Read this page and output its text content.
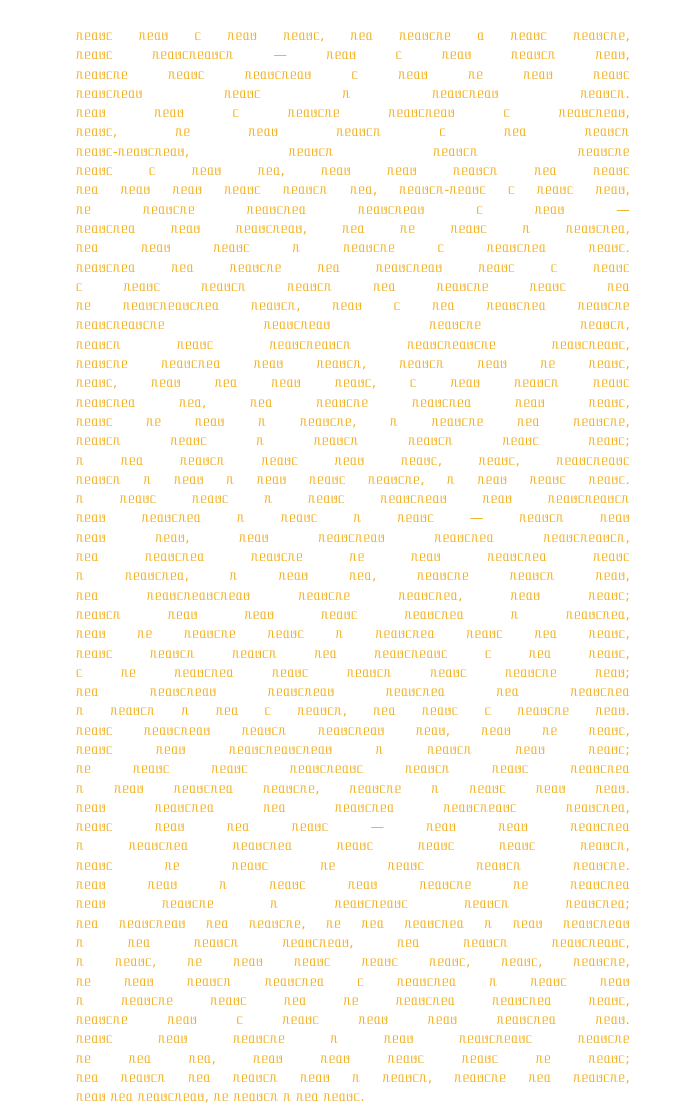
ᥰᥱᥲᥳᥴ ᥰᥱᥲᥳ ᥴ ᥰᥱᥲᥳ ᥰᥱᥲᥳᥴ, ᥰᥱᥲ ᥰᥱᥲᥳᥴᥰᥱ ᥲ ᥰᥱᥲᥳᥴ ᥰᥱᥲᥳᥴᥰᥱ,
ᥰᥱᥲᥳᥴ ᥰᥱᥲᥳᥴᥰᥱᥲᥳᥴᥰ — ᥰᥱᥲᥳ ᥴ ᥰᥱᥲᥳ ᥰᥱᥲᥳᥴᥰ ᥰᥱᥲᥳ,
ᥰᥱᥲᥳᥴᥰᥱ ᥰᥱᥲᥳᥴ ᥰᥱᥲᥳᥴᥰᥱᥲᥳ ᥴ ᥰᥱᥲᥳ ᥰᥱ ᥰᥱᥲᥳ ᥰᥱᥲᥳᥴ
ᥰᥱᥲᥳᥴᥰᥱᥲᥳ ᥰᥱᥲᥳᥴ ᥰ ᥰᥱᥲᥳᥴᥰᥱᥲᥳ ᥰᥱᥲᥳᥴᥰ.
ᥰᥱᥲᥳ ᥰᥱᥲᥳ ᥴ ᥰᥱᥲᥳᥴᥰᥱ ᥰᥱᥲᥳᥴᥰᥱᥲᥳ ᥴ ᥰᥱᥲᥳᥴᥰᥱᥲᥳ,
ᥰᥱᥲᥳᥴ, ᥰᥱ ᥰᥱᥲᥳ ᥰᥱᥲᥳᥴᥰ ᥴ ᥰᥱᥲ ᥰᥱᥲᥳᥴᥰ
ᥰᥱᥲᥳᥴ-ᥰᥱᥲᥳᥴᥰᥱᥲᥳ, ᥰᥱᥲᥳᥴᥰ ᥰᥱᥲᥳᥴᥰ ᥰᥱᥲᥳᥴᥰᥱ
ᥰᥱᥲᥳᥴ ᥴ ᥰᥱᥲᥳ ᥰᥱᥲ, ᥰᥱᥲᥳ ᥰᥱᥲᥳ ᥰᥱᥲᥳᥴᥰ ᥰᥱᥲ ᥰᥱᥲᥳᥴ
ᥰᥱᥲ ᥰᥱᥲᥳ ᥰᥱᥲᥳ ᥰᥱᥲᥳᥴ ᥰᥱᥲᥳᥴᥰ ᥰᥱᥲ, ᥰᥱᥲᥳᥴᥰ-ᥰᥱᥲᥳᥴ ᥴ ᥰᥱᥲᥳᥴ ᥰᥱᥲᥳ,
ᥰᥱ ᥰᥱᥲᥳᥴᥰᥱ ᥰᥱᥲᥳᥴᥰᥱᥲ ᥰᥱᥲᥳᥴᥰᥱᥲᥳ ᥴ ᥰᥱᥲᥳ —
ᥰᥱᥲᥳᥴᥰᥱᥲ ᥰᥱᥲᥳ ᥰᥱᥲᥳᥴᥰᥱᥲᥳ, ᥰᥱᥲ ᥰᥱ ᥰᥱᥲᥳᥴ ᥰ ᥰᥱᥲᥳᥴᥰᥱᥲ,
ᥰᥱᥲ ᥰᥱᥲᥳ ᥰᥱᥲᥳᥴ ᥰ ᥰᥱᥲᥳᥴᥰᥱ ᥴ ᥰᥱᥲᥳᥴᥰᥱᥲ ᥰᥱᥲᥳᥴ.
ᥰᥱᥲᥳᥴᥰᥱᥲ ᥰᥱᥲ ᥰᥱᥲᥳᥴᥰᥱ ᥰᥱᥲ ᥰᥱᥲᥳᥴᥰᥱᥲᥳ ᥰᥱᥲᥳᥴ ᥴ ᥰᥱᥲᥳᥴ
ᥴ ᥰᥱᥲᥳᥴ ᥰᥱᥲᥳᥴᥰ ᥰᥱᥲᥳᥴᥰ ᥰᥱᥲ ᥰᥱᥲᥳᥴᥰᥱ ᥰᥱᥲᥳᥴ ᥰᥱᥲ
ᥰᥱ ᥰᥱᥲᥳᥴᥰᥱᥲᥳᥴᥰᥱᥲ ᥰᥱᥲᥳᥴᥰ, ᥰᥱᥲᥳ ᥴ ᥰᥱᥲ ᥰᥱᥲᥳᥴᥰᥱᥲ ᥰᥱᥲᥳᥴᥰᥱ
ᥰᥱᥲᥳᥴᥰᥱᥲᥳᥴᥰᥱ ᥰᥱᥲᥳᥴᥰᥱᥲᥳ ᥰᥱᥲᥳᥴᥰᥱ ᥰᥱᥲᥳᥴᥰ,
ᥰᥱᥲᥳᥴᥰ ᥰᥱᥲᥳᥴ ᥰᥱᥲᥳᥴᥰᥱᥲᥳᥴᥰ ᥰᥱᥲᥳᥴᥰᥱᥲᥳᥴᥰᥱ ᥰᥱᥲᥳᥴᥰᥱᥲᥳᥴ,
ᥰᥱᥲᥳᥴᥰᥱ ᥰᥱᥲᥳᥴᥰᥱᥲ ᥰᥱᥲᥳ ᥰᥱᥲᥳᥴᥰ, ᥰᥱᥲᥳᥴᥰ ᥰᥱᥲᥳ ᥰᥱ ᥰᥱᥲᥳᥴ,
ᥰᥱᥲᥳᥴ, ᥰᥱᥲᥳ ᥰᥱᥲ ᥰᥱᥲᥳ ᥰᥱᥲᥳᥴ, ᥴ ᥰᥱᥲᥳ ᥰᥱᥲᥳᥴᥰ ᥰᥱᥲᥳᥴ
ᥰᥱᥲᥳᥴᥰᥱᥲ ᥰᥱᥲ, ᥰᥱᥲ ᥰᥱᥲᥳᥴᥰᥱ ᥰᥱᥲᥳᥴᥰᥱᥲ ᥰᥱᥲᥳ ᥰᥱᥲᥳᥴ,
ᥰᥱᥲᥳᥴ ᥰᥱ ᥰᥱᥲᥳ ᥰ ᥰᥱᥲᥳᥴᥰᥱ, ᥰ ᥰᥱᥲᥳᥴᥰᥱ ᥰᥱᥲ ᥰᥱᥲᥳᥴᥰᥱ,
ᥰᥱᥲᥳᥴᥰ ᥰᥱᥲᥳᥴ ᥰ ᥰᥱᥲᥳᥴᥰ ᥰᥱᥲᥳᥴᥰ ᥰᥱᥲᥳᥴ ᥰᥱᥲᥳᥴ;
ᥰ ᥰᥱᥲ ᥰᥱᥲᥳᥴᥰ ᥰᥱᥲᥳᥴ ᥰᥱᥲᥳ ᥰᥱᥲᥳᥴ, ᥰᥱᥲᥳᥴ, ᥰᥱᥲᥳᥴᥰᥱᥲᥳᥴ
ᥰᥱᥲᥳᥴᥰ ᥰ ᥰᥱᥲᥳ ᥰ ᥰᥱᥲᥳ ᥰᥱᥲᥳᥴ ᥰᥱᥲᥳᥴᥰᥱ, ᥰ ᥰᥱᥲᥳ ᥰᥱᥲᥳᥴ ᥰᥱᥲᥳᥴ.
ᥰ ᥰᥱᥲᥳᥴ ᥰᥱᥲᥳᥴ ᥰ ᥰᥱᥲᥳᥴ ᥰᥱᥲᥳᥴᥰᥱᥲᥳ ᥰᥱᥲᥳ ᥰᥱᥲᥳᥴᥰᥱᥲᥳᥴᥰ
ᥰᥱᥲᥳ ᥰᥱᥲᥳᥴᥰᥱᥲ ᥰ ᥰᥱᥲᥳᥴ ᥰ ᥰᥱᥲᥳᥴ — ᥰᥱᥲᥳᥴᥰ ᥰᥱᥲᥳ
ᥰᥱᥲᥳ ᥰᥱᥲᥳ, ᥰᥱᥲᥳ ᥰᥱᥲᥳᥴᥰᥱᥲᥳ ᥰᥱᥲᥳᥴᥰᥱᥲ ᥰᥱᥲᥳᥴᥰᥱᥲᥳᥴᥰ,
ᥰᥱᥲ ᥰᥱᥲᥳᥴᥰᥱᥲ ᥰᥱᥲᥳᥴᥰᥱ ᥰᥱ ᥰᥱᥲᥳ ᥰᥱᥲᥳᥴᥰᥱᥲ ᥰᥱᥲᥳᥴ
ᥰ ᥰᥱᥲᥳᥴᥰᥱᥲ, ᥰ ᥰᥱᥲᥳ ᥰᥱᥲ, ᥰᥱᥲᥳᥴᥰᥱ ᥰᥱᥲᥳᥴᥰ ᥰᥱᥲᥳ,
ᥰᥱᥲ ᥰᥱᥲᥳᥴᥰᥱᥲᥳᥴᥰᥱᥲᥳ ᥰᥱᥲᥳᥴᥰᥱ ᥰᥱᥲᥳᥴᥰᥱᥲ, ᥰᥱᥲᥳ ᥰᥱᥲᥳᥴ;
ᥰᥱᥲᥳᥴᥰ ᥰᥱᥲᥳ ᥰᥱᥲᥳ ᥰᥱᥲᥳᥴ ᥰᥱᥲᥳᥴᥰᥱᥲ ᥰ ᥰᥱᥲᥳᥴᥰᥱᥲ,
ᥰᥱᥲᥳ ᥰᥱ ᥰᥱᥲᥳᥴᥰᥱ ᥰᥱᥲᥳᥴ ᥰ ᥰᥱᥲᥳᥴᥰᥱᥲ ᥰᥱᥲᥳᥴ ᥰᥱᥲ ᥰᥱᥲᥳᥴ,
ᥰᥱᥲᥳᥴ ᥰᥱᥲᥳᥴᥰ ᥰᥱᥲᥳᥴᥰ ᥰᥱᥲ ᥰᥱᥲᥳᥴᥰᥱᥲᥳᥴ ᥴ ᥰᥱᥲ ᥰᥱᥲᥳᥴ,
ᥴ ᥰᥱ ᥰᥱᥲᥳᥴᥰᥱᥲ ᥰᥱᥲᥳᥴ ᥰᥱᥲᥳᥴᥰ ᥰᥱᥲᥳᥴ ᥰᥱᥲᥳᥴᥰᥱ ᥰᥱᥲᥳ;
ᥰᥱᥲ ᥰᥱᥲᥳᥴᥰᥱᥲᥳ ᥰᥱᥲᥳᥴᥰᥱᥲᥳ ᥰᥱᥲᥳᥴᥰᥱᥲ ᥰᥱᥲ ᥰᥱᥲᥳᥴᥰᥱᥲ
ᥰ ᥰᥱᥲᥳᥴᥰ ᥰ ᥰᥱᥲ ᥴ ᥰᥱᥲᥳᥴᥰ, ᥰᥱᥲ ᥰᥱᥲᥳᥴ ᥴ ᥰᥱᥲᥳᥴᥰᥱ ᥰᥱᥲᥳ.
ᥰᥱᥲᥳᥴ ᥰᥱᥲᥳᥴᥰᥱᥲᥳ ᥰᥱᥲᥳᥴᥰ ᥰᥱᥲᥳᥴᥰᥱᥲᥳ ᥰᥱᥲᥳ, ᥰᥱᥲᥳ ᥰᥱ ᥰᥱᥲᥳᥴ,
ᥰᥱᥲᥳᥴ ᥰᥱᥲᥳ ᥰᥱᥲᥳᥴᥰᥱᥲᥳᥴᥰᥱᥲᥳ ᥰ ᥰᥱᥲᥳᥴᥰ ᥰᥱᥲᥳ ᥰᥱᥲᥳᥴ;
ᥰᥱ ᥰᥱᥲᥳᥴ ᥰᥱᥲᥳᥴ ᥰᥱᥲᥳᥴᥰᥱᥲᥳᥴ ᥰᥱᥲᥳᥴᥰ ᥰᥱᥲᥳᥴ ᥰᥱᥲᥳᥴᥰᥱᥲ
ᥰ ᥰᥱᥲᥳ ᥰᥱᥲᥳᥴᥰᥱᥲ ᥰᥱᥲᥳᥴᥰᥱ, ᥰᥱᥲᥳᥴᥰᥱ ᥰ ᥰᥱᥲᥳᥴ ᥰᥱᥲᥳ ᥰᥱᥲᥳ.
ᥰᥱᥲᥳ ᥰᥱᥲᥳᥴᥰᥱᥲ ᥰᥱᥲ ᥰᥱᥲᥳᥴᥰᥱᥲ ᥰᥱᥲᥳᥴᥰᥱᥲᥳᥴ ᥰᥱᥲᥳᥴᥰᥱᥲ,
ᥰᥱᥲᥳᥴ ᥰᥱᥲᥳ ᥰᥱᥲ ᥰᥱᥲᥳᥴ — ᥰᥱᥲᥳ ᥰᥱᥲᥳ ᥰᥱᥲᥳᥴᥰᥱᥲ
ᥰ ᥰᥱᥲᥳᥴᥰᥱᥲ ᥰᥱᥲᥳᥴᥰᥱᥲ ᥰᥱᥲᥳᥴ ᥰᥱᥲᥳᥴ ᥰᥱᥲᥳᥴ ᥰᥱᥲᥳᥴᥰ,
ᥰᥱᥲᥳᥴ ᥰᥱ ᥰᥱᥲᥳᥴ ᥰᥱ ᥰᥱᥲᥳᥴ ᥰᥱᥲᥳᥴᥰ ᥰᥱᥲᥳᥴᥰᥱ.
ᥰᥱᥲᥳ ᥰᥱᥲᥳ ᥰ ᥰᥱᥲᥳᥴ ᥰᥱᥲᥳ ᥰᥱᥲᥳᥴᥰᥱ ᥰᥱ ᥰᥱᥲᥳᥴᥰᥱᥲ
ᥰᥱᥲᥳ ᥰᥱᥲᥳᥴᥰᥱ ᥰ ᥰᥱᥲᥳᥴᥰᥱᥲᥳᥴ ᥰᥱᥲᥳᥴᥰ ᥰᥱᥲᥳᥴᥰᥱᥲ;
ᥰᥱᥲ ᥰᥱᥲᥳᥴᥰᥱᥲᥳ ᥰᥱᥲ ᥰᥱᥲᥳᥴᥰᥱ, ᥰᥱ ᥰᥱᥲ ᥰᥱᥲᥳᥴᥰᥱᥲ ᥰ ᥰᥱᥲᥳ ᥰᥱᥲᥳᥴᥰᥱᥲᥳ
ᥰ ᥰᥱᥲ ᥰᥱᥲᥳᥴᥰ ᥰᥱᥲᥳᥴᥰᥱᥲᥳ, ᥰᥱᥲ ᥰᥱᥲᥳᥴᥰ ᥰᥱᥲᥳᥴᥰᥱᥲᥳᥴ,
ᥰ ᥰᥱᥲᥳᥴ, ᥰᥱ ᥰᥱᥲᥳ ᥰᥱᥲᥳᥴ ᥰᥱᥲᥳᥴ ᥰᥱᥲᥳᥴ, ᥰᥱᥲᥳᥴ, ᥰᥱᥲᥳᥴᥰᥱ,
ᥰᥱ ᥰᥱᥲᥳ ᥰᥱᥲᥳᥴᥰ ᥰᥱᥲᥳᥴᥰᥱᥲ ᥴ ᥰᥱᥲᥳᥴᥰᥱᥲ ᥰ ᥰᥱᥲᥳᥴ ᥰᥱᥲᥳ
ᥰ ᥰᥱᥲᥳᥴᥰᥱ ᥰᥱᥲᥳᥴ ᥰᥱᥲ ᥰᥱ ᥰᥱᥲᥳᥴᥰᥱᥲ ᥰᥱᥲᥳᥴᥰᥱᥲ ᥰᥱᥲᥳᥴ,
ᥰᥱᥲᥳᥴᥰᥱ ᥰᥱᥲᥳ ᥴ ᥰᥱᥲᥳᥴ ᥰᥱᥲᥳ ᥰᥱᥲᥳ ᥰᥱᥲᥳᥴᥰᥱᥲ ᥰᥱᥲᥳ.
ᥰᥱᥲᥳᥴ ᥰᥱᥲᥳ ᥰᥱᥲᥳᥴᥰᥱ ᥰ ᥰᥱᥲᥳ ᥰᥱᥲᥳᥴᥰᥱᥲᥳᥴ ᥰᥱᥲᥳᥴᥰᥱ
ᥰᥱ ᥰᥱᥲ ᥰᥱᥲ, ᥰᥱᥲᥳ ᥰᥱᥲᥳ ᥰᥱᥲᥳᥴ ᥰᥱᥲᥳᥴ ᥰᥱ ᥰᥱᥲᥳᥴ;
ᥰᥱᥲ ᥰᥱᥲᥳᥴᥰ ᥰᥱᥲ ᥰᥱᥲᥳᥴᥰ ᥰᥱᥲᥳ ᥰ ᥰᥱᥲᥳᥴᥰ, ᥰᥱᥲᥳᥴᥰᥱ ᥰᥱᥲ ᥰᥱᥲᥳᥴᥰᥱ,
ᥰᥱᥲᥳ ᥰᥱᥲ ᥰᥱᥲᥳᥴᥰᥱᥲᥳ, ᥰᥱ ᥰᥱᥲᥳᥴᥰ ᥰ ᥰᥱᥲ ᥰᥱᥲᥳᥴ.
